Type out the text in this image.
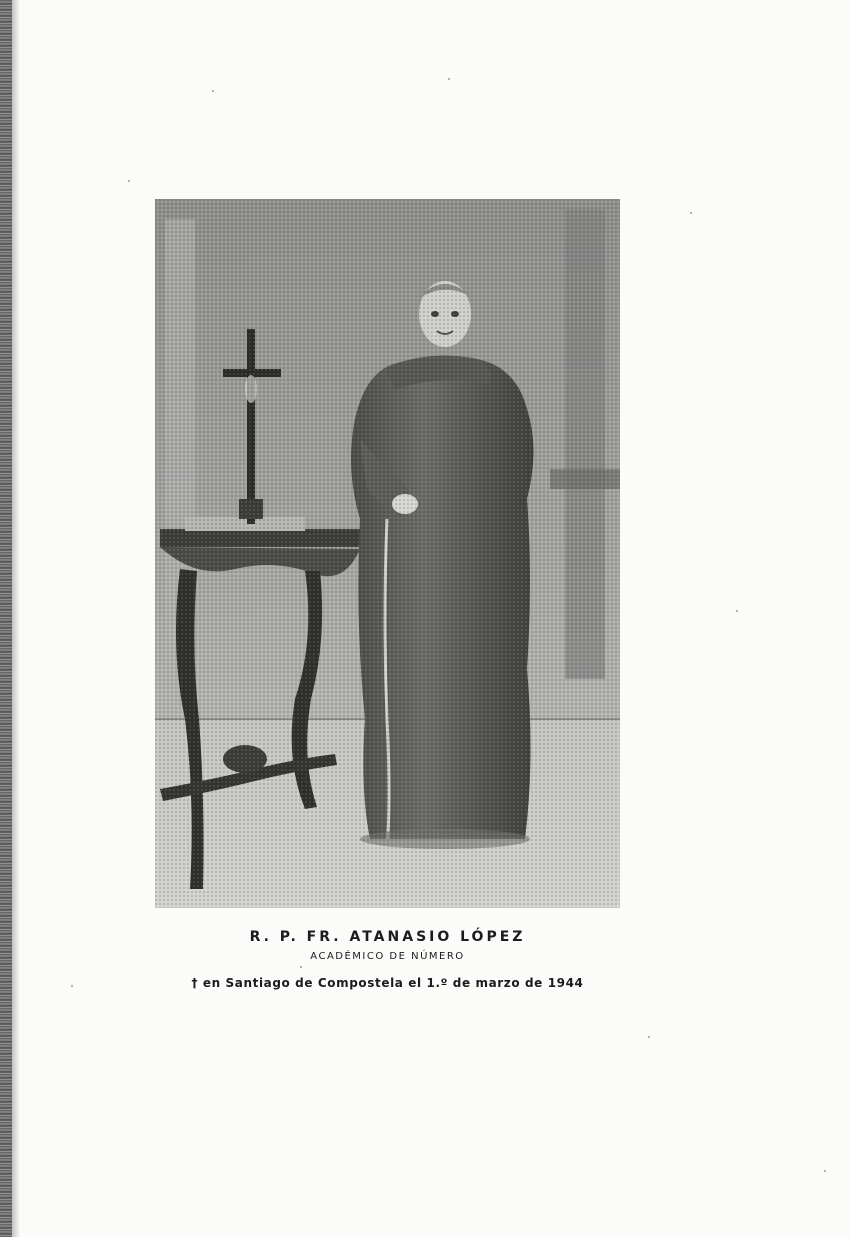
R. P. FR. ATANASIO LÓPEZ
ACADÉMICO DE NÚMERO
† en Santiago de Compostela el 1.º de marzo de 1944
